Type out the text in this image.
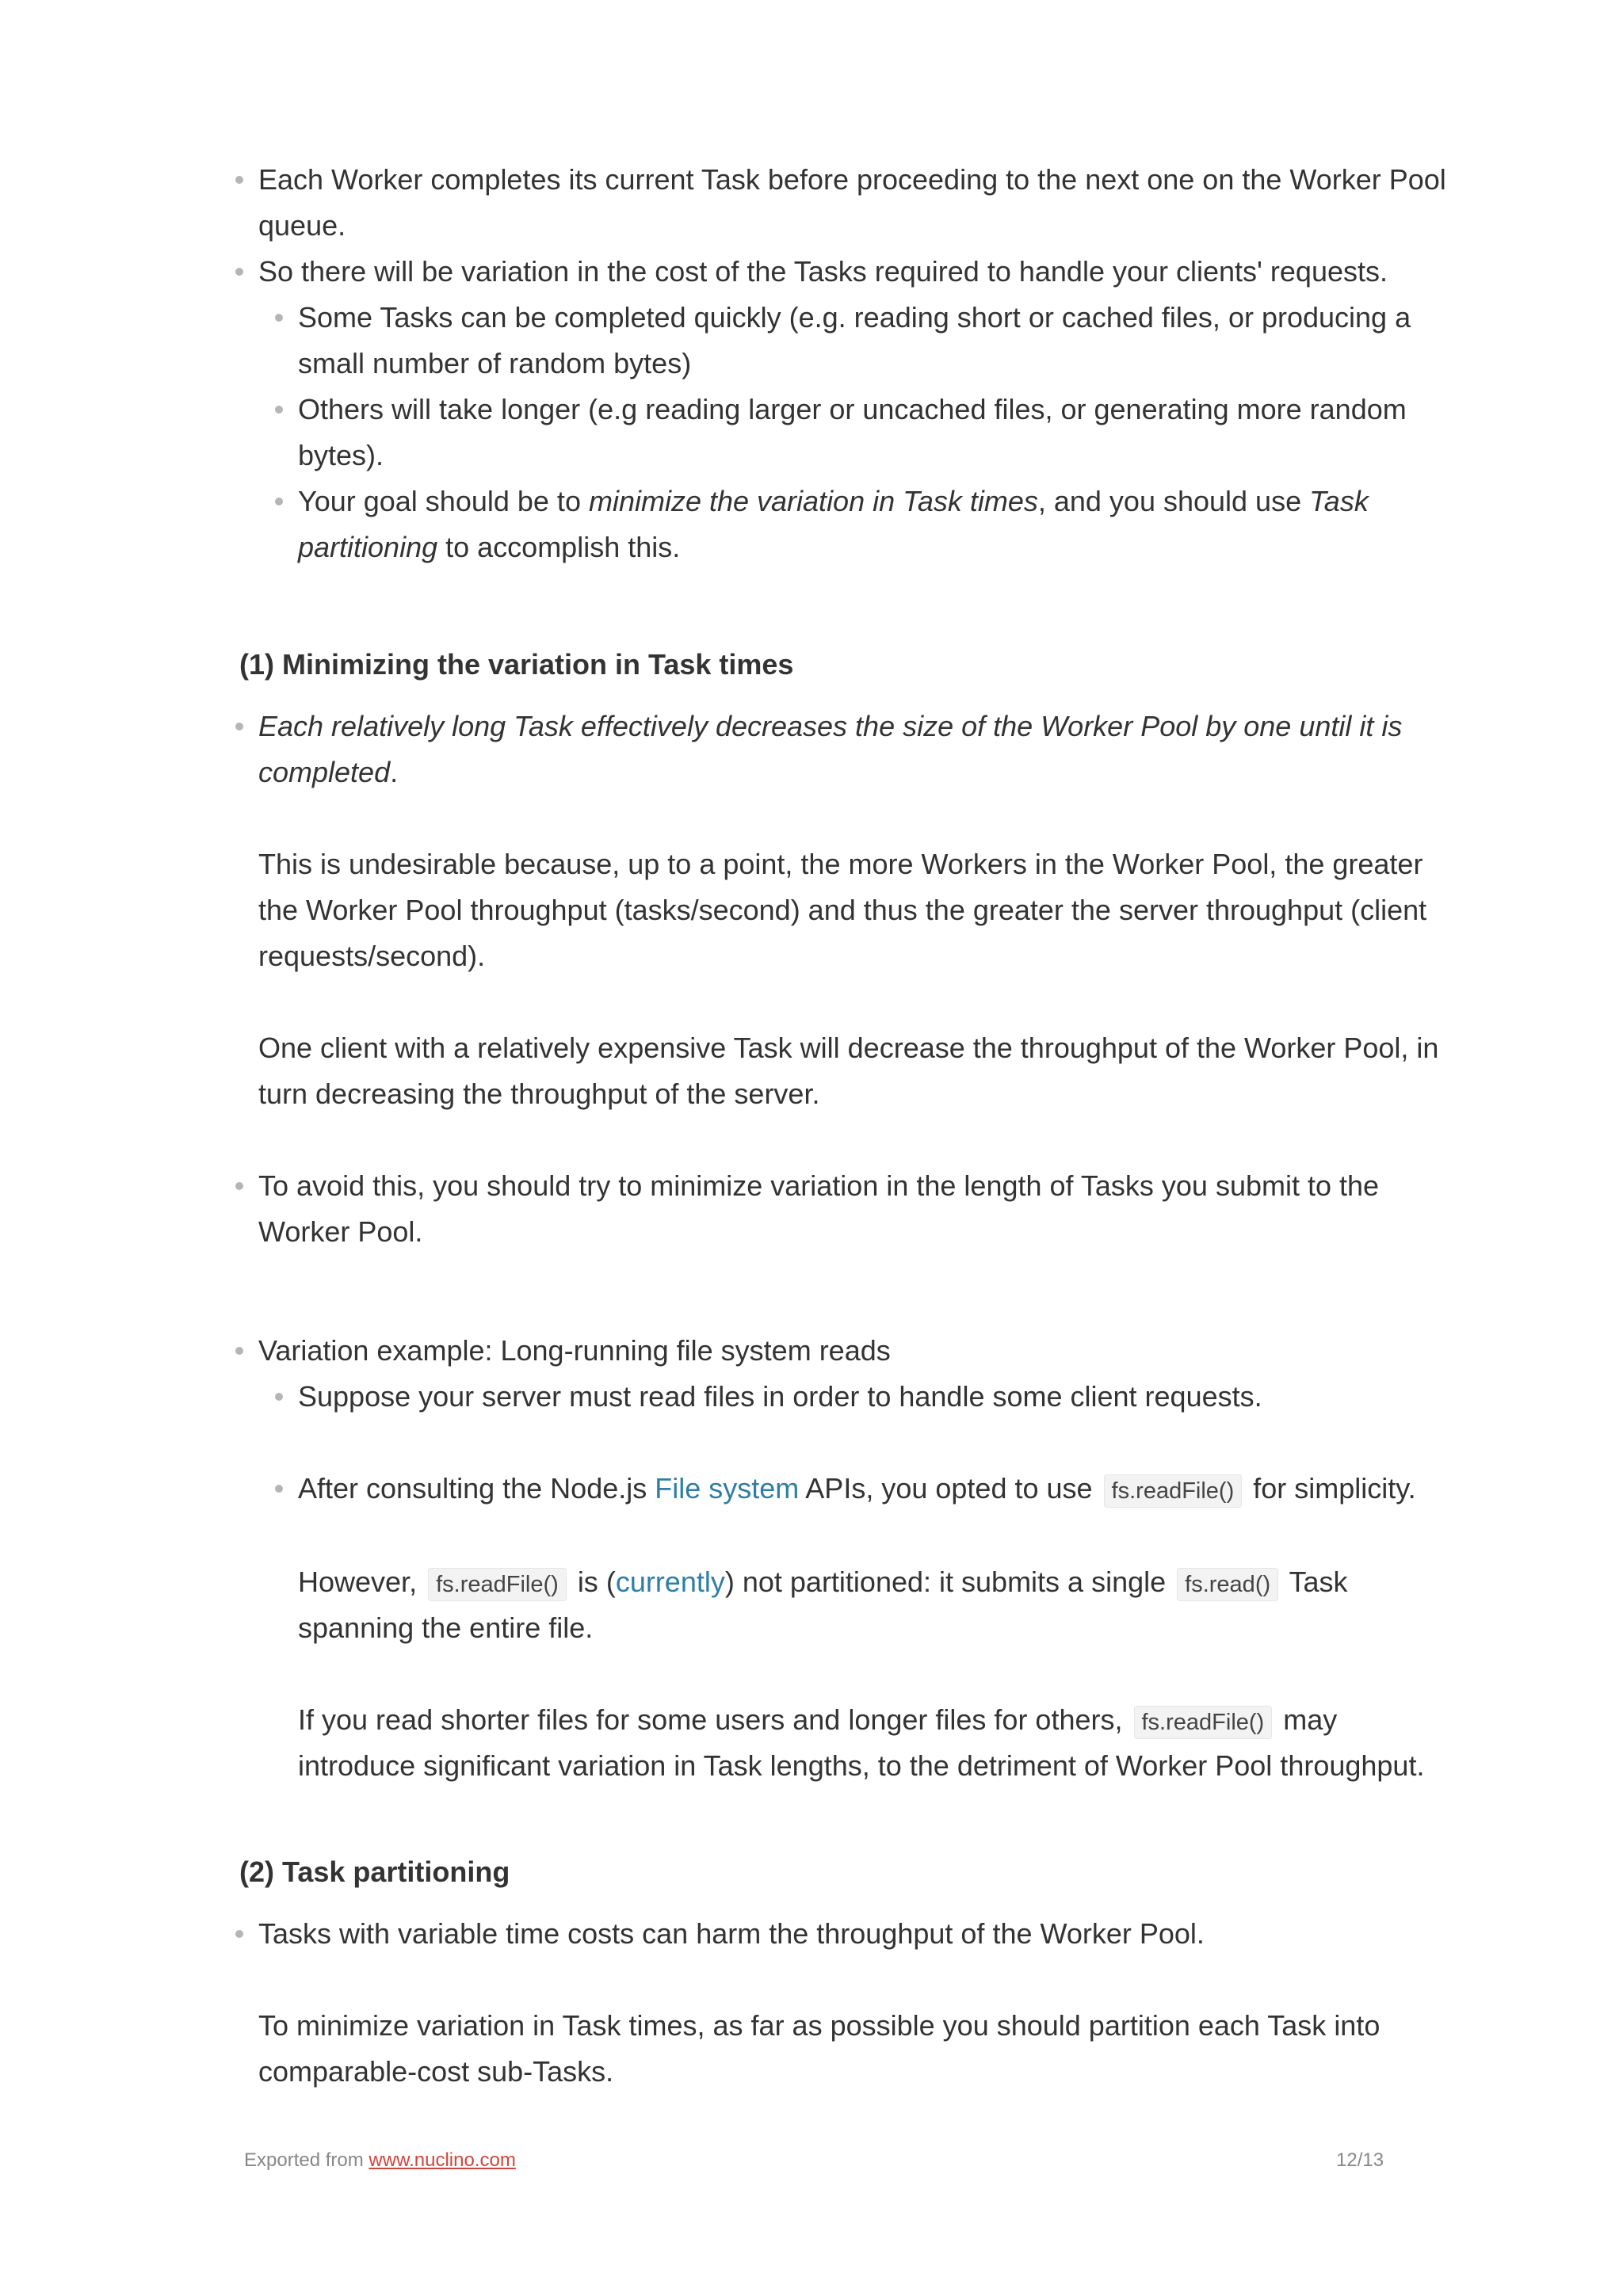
Each Worker completes its current Task before proceeding to the next one on the Worker Pool
queue.
So there will be variation in the cost of the Tasks required to handle your clients' requests.
Some Tasks can be completed quickly (e.g. reading short or cached files, or producing a
small number of random bytes)
Others will take longer (e.g reading larger or uncached files, or generating more random
bytes).
Your goal should be to minimize the variation in Task times, and you should use Task
partitioning to accomplish this.
(1) Minimizing the variation in Task times
Each relatively long Task effectively decreases the size of the Worker Pool by one until it is
completed.
This is undesirable because, up to a point, the more Workers in the Worker Pool, the greater
the Worker Pool throughput (tasks/second) and thus the greater the server throughput (client
requests/second).
One client with a relatively expensive Task will decrease the throughput of the Worker Pool, in
turn decreasing the throughput of the server.
To avoid this, you should try to minimize variation in the length of Tasks you submit to the
Worker Pool.
Variation example: Long-running file system reads
Suppose your server must read files in order to handle some client requests.
After consulting the Node.js File system APIs, you opted to use fs.readFile() for simplicity.
However, fs.readFile() is (currently) not partitioned: it submits a single fs.read() Task
spanning the entire file.
If you read shorter files for some users and longer files for others, fs.readFile() may
introduce significant variation in Task lengths, to the detriment of Worker Pool throughput.
(2) Task partitioning
Tasks with variable time costs can harm the throughput of the Worker Pool.
To minimize variation in Task times, as far as possible you should partition each Task into
comparable-cost sub-Tasks.
Exported from www.nuclino.com	12/13
